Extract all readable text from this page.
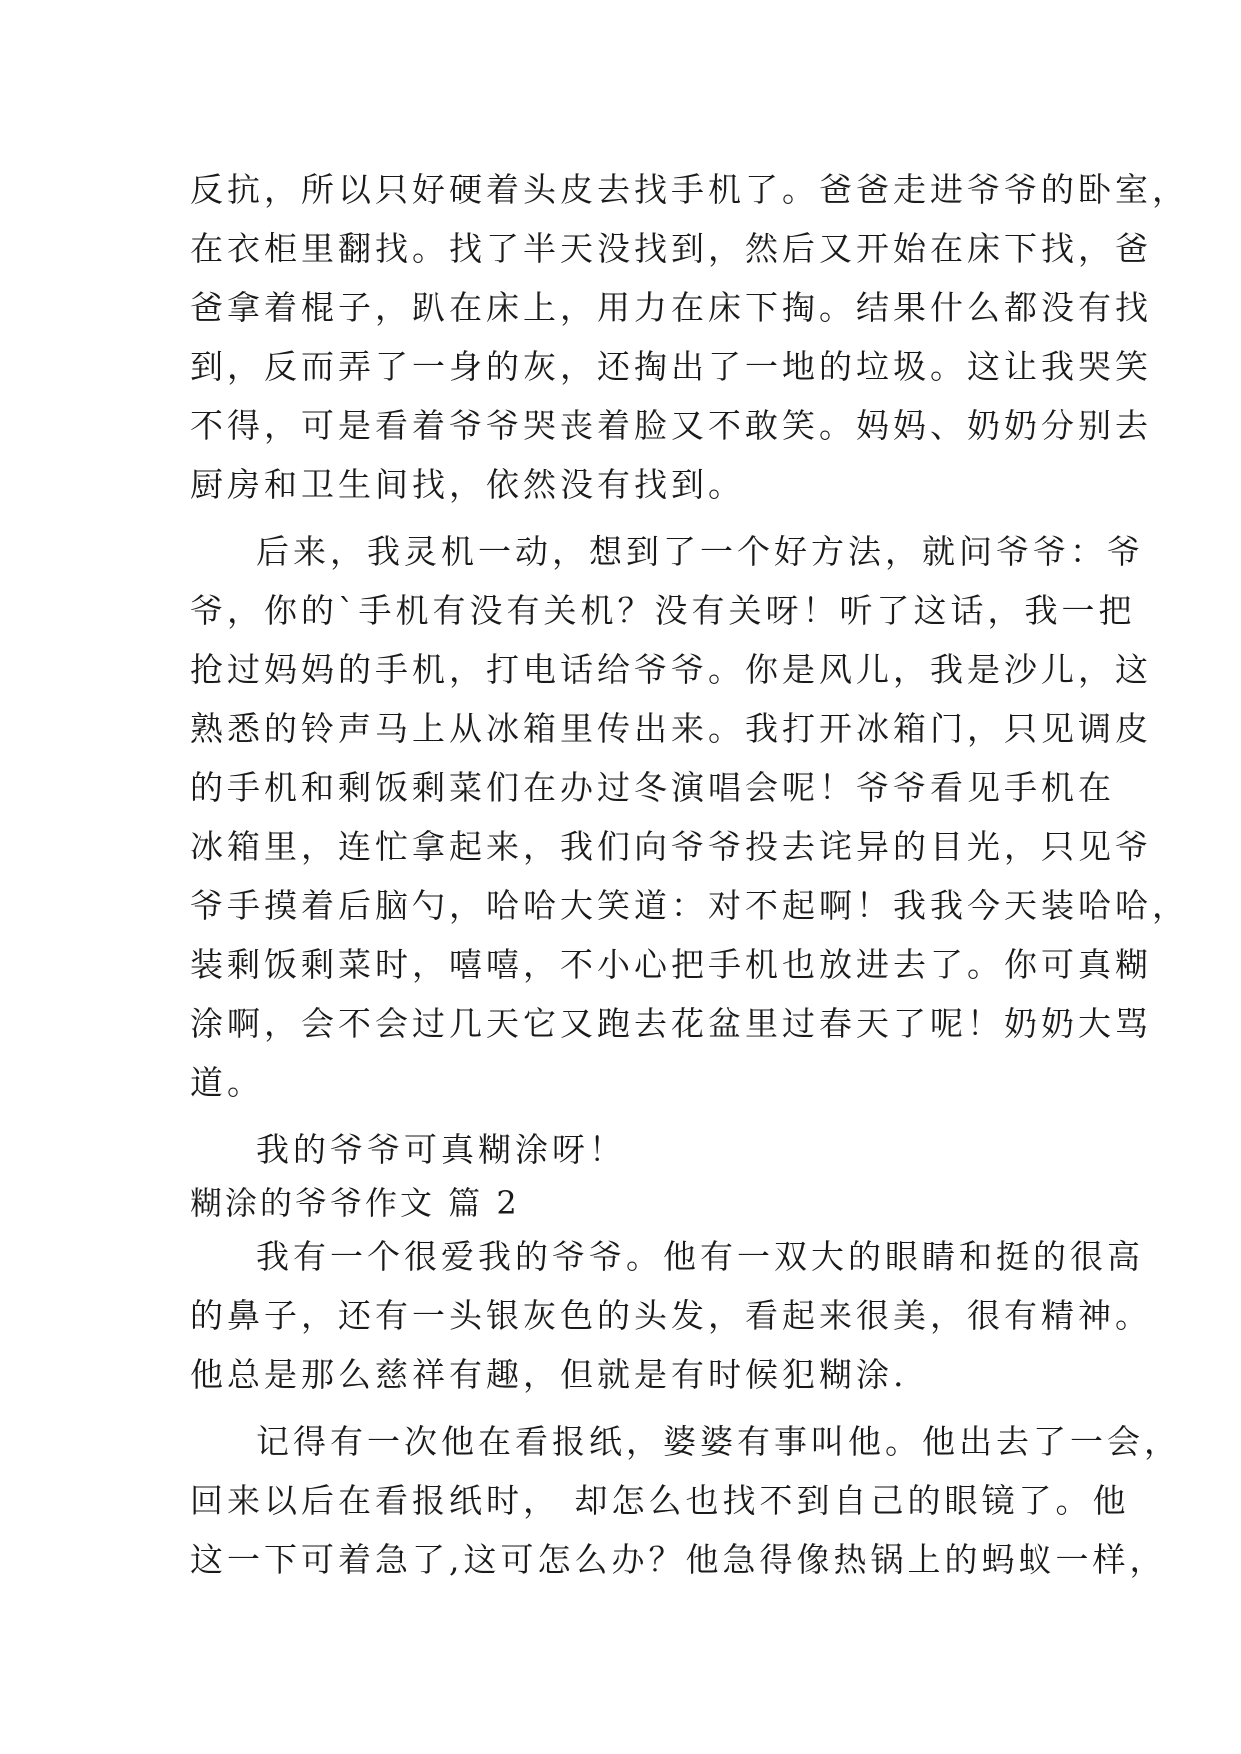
反抗，所以只好硬着头皮去找手机了。爸爸走进爷爷的卧室，
在衣柜里翻找。找了半天没找到，然后又开始在床下找，爸
爸拿着棍子，趴在床上，用力在床下掏。结果什么都没有找
到，反而弄了一身的灰，还掏出了一地的垃圾。这让我哭笑
不得，可是看着爷爷哭丧着脸又不敢笑。妈妈、奶奶分别去
厨房和卫生间找，依然没有找到。
后来，我灵机一动，想到了一个好方法，就问爷爷：爷
爷，你的`手机有没有关机？没有关呀！听了这话，我一把
抢过妈妈的手机，打电话给爷爷。你是风儿，我是沙儿，这
熟悉的铃声马上从冰箱里传出来。我打开冰箱门，只见调皮
的手机和剩饭剩菜们在办过冬演唱会呢！爷爷看见手机在
冰箱里，连忙拿起来，我们向爷爷投去诧异的目光，只见爷
爷手摸着后脑勺，哈哈大笑道：对不起啊！我我今天装哈哈，
装剩饭剩菜时，嘻嘻，不小心把手机也放进去了。你可真糊
涂啊，会不会过几天它又跑去花盆里过春天了呢！奶奶大骂
道。
我的爷爷可真糊涂呀！
糊涂的爷爷作文 篇 2
我有一个很爱我的爷爷。他有一双大的眼睛和挺的很高
的鼻子，还有一头银灰色的头发，看起来很美，很有精神。
他总是那么慈祥有趣，但就是有时候犯糊涂.
记得有一次他在看报纸，婆婆有事叫他。他出去了一会，
回来以后在看报纸时， 却怎么也找不到自己的眼镜了。他
这一下可着急了,这可怎么办？他急得像热锅上的蚂蚁一样，
